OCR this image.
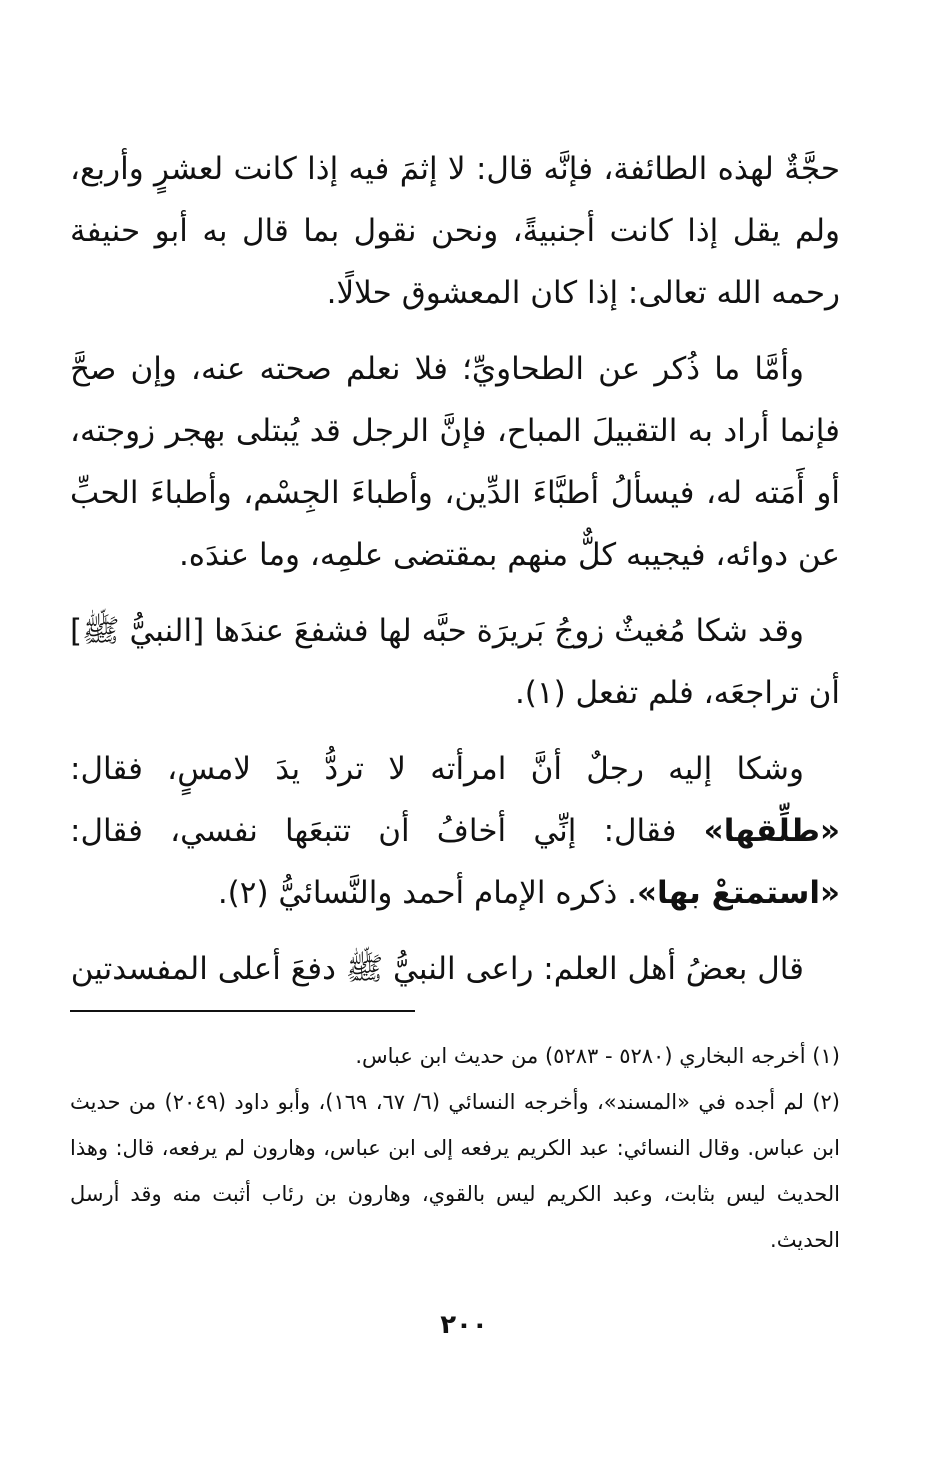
حجَّةٌ لهذه الطائفة، فإنَّه قال: لا إثمَ فيه إذا كانت لعشرٍ وأربع، ولم يقل إذا كانت أجنبيةً، ونحن نقول بما قال به أبو حنيفة رحمه الله تعالى: إذا كان المعشوق حلالًا.

وأمَّا ما ذُكر عن الطحاويِّ؛ فلا نعلم صحته عنه، وإن صحَّ فإنما أراد به التقبيلَ المباح، فإنَّ الرجل قد يُبتلى بهجر زوجته، أو أَمَته له، فيسألُ أطبَّاءَ الدِّين، وأطباءَ الجِسْم، وأطباءَ الحبِّ عن دوائه، فيجيبه كلٌّ منهم بمقتضى علمِه، وما عندَه.

وقد شكا مُغيثٌ زوجُ بَريرَة حبَّه لها فشفعَ عندَها [النبيُّ ﷺ] أن تراجعَه، فلم تفعل (١).

وشكا إليه رجلٌ أنَّ امرأته لا تردُّ يدَ لامسٍ، فقال: «طلِّقها» فقال: إنِّي أخافُ أن تتبعَها نفسي، فقال: «استمتعْ بها». ذكره الإمام أحمد والنَّسائيُّ (٢).

قال بعضُ أهل العلم: راعى النبيُّ ﷺ دفعَ أعلى المفسدتين

(١) أخرجه البخاري (٥٢٨٠ - ٥٢٨٣) من حديث ابن عباس.

(٢) لم أجده في «المسند»، وأخرجه النسائي (٦/ ٦٧، ١٦٩)، وأبو داود (٢٠٤٩) من حديث ابن عباس. وقال النسائي: عبد الكريم يرفعه إلى ابن عباس، وهارون لم يرفعه، قال: وهذا الحديث ليس بثابت، وعبد الكريم ليس بالقوي، وهارون بن رئاب أثبت منه وقد أرسل الحديث.

٢٠٠
